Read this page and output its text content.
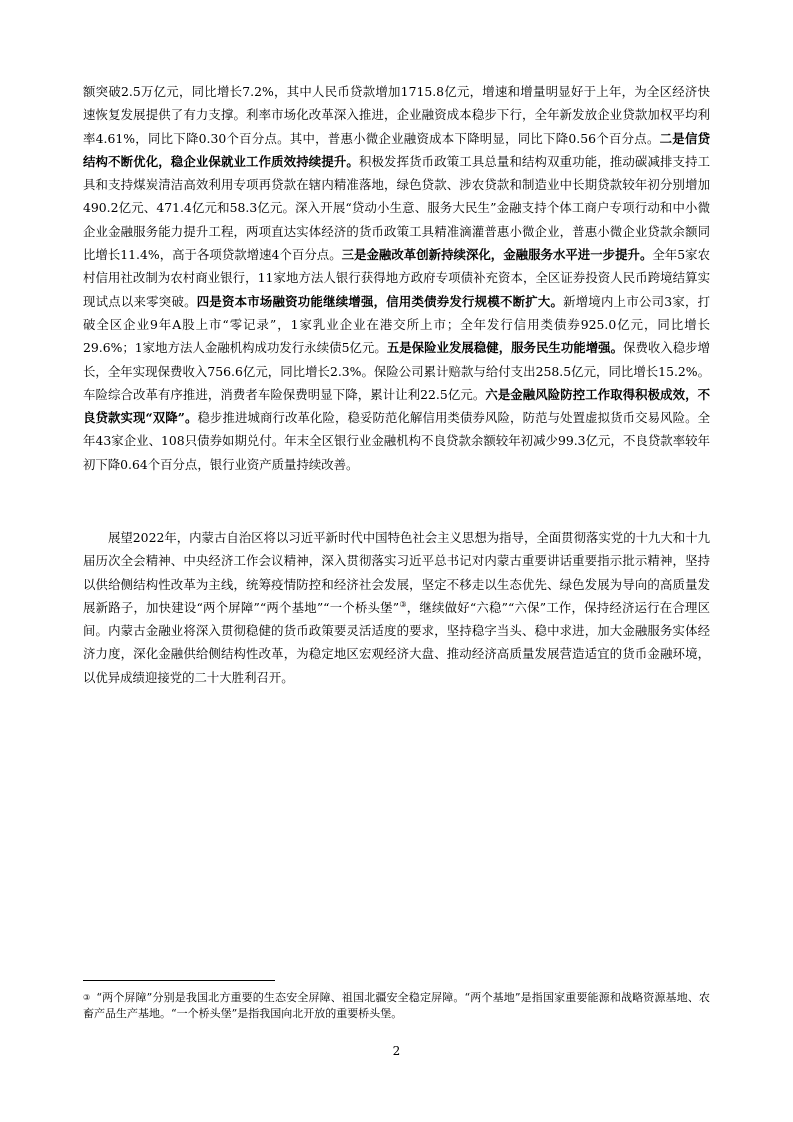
额突破2.5万亿元，同比增长7.2%，其中人民币贷款增加1715.8亿元，增速和增量明显好于上年，为全区经济快速恢复发展提供了有力支撑。利率市场化改革深入推进，企业融资成本稳步下行，全年新发放企业贷款加权平均利率4.61%，同比下降0.30个百分点。其中，普惠小微企业融资成本下降明显，同比下降0.56个百分点。二是信贷结构不断优化，稳企业保就业工作质效持续提升。积极发挥货币政策工具总量和结构双重功能，推动碳减排支持工具和支持煤炭清洁高效利用专项再贷款在辖内精准落地，绿色贷款、涉农贷款和制造业中长期贷款较年初分别增加490.2亿元、471.4亿元和58.3亿元。深入开展“贷动小生意、服务大民生”金融支持个体工商户专项行动和中小微企业金融服务能力提升工程，两项直达实体经济的货币政策工具精准滴灌普惠小微企业，普惠小微企业贷款余额同比增长11.4%，高于各项贷款增速4个百分点。三是金融改革创新持续深化，金融服务水平进一步提升。全年5家农村信用社改制为农村商业银行，11家地方法人银行获得地方政府专项债补充资本，全区证券投资人民币跨境结算实现试点以来零突破。四是资本市场融资功能继续增强，信用类债券发行规模不断扩大。新增境内上市公司3家，打破全区企业9年A股上市“零记录”，1家乳业企业在港交所上市；全年发行信用类债券925.0亿元，同比增长29.6%；1家地方法人金融机构成功发行永续债5亿元。五是保险业发展稳健，服务民生功能增强。保费收入稳步增长，全年实现保费收入756.6亿元，同比增长2.3%。保险公司累计赔款与给付支出258.5亿元，同比增长15.2%。车险综合改革有序推进，消费者车险保费明显下降，累计让利22.5亿元。六是金融风险防控工作取得积极成效，不良贷款实现“双降”。稳步推进城商行改革化险，稳妥防范化解信用类债券风险，防范与处置虚拟货币交易风险。全年43家企业、108只债券如期兑付。年末全区银行业金融机构不良贷款余额较年初减少99.3亿元，不良贷款率较年初下降0.64个百分点，银行业资产质量持续改善。
展望2022年，内蒙古自治区将以习近平新时代中国特色社会主义思想为指导，全面贯彻落实党的十九大和十九届历次全会精神、中央经济工作会议精神，深入贯彻落实习近平总书记对内蒙古重要讲话重要指示批示精神，坚持以供给侧结构性改革为主线，统筹疫情防控和经济社会发展，坚定不移走以生态优先、绿色发展为导向的高质量发展新路子，加快建设“两个屏障”“两个基地”“一个桥头堡”③，继续做好“六稳”“六保”工作，保持经济运行在合理区间。内蒙古金融业将深入贯彻稳健的货币政策要灵活适度的要求，坚持稳字当头、稳中求进，加大金融服务实体经济力度，深化金融供给侧结构性改革，为稳定地区宏观经济大盘、推动经济高质量发展营造适宜的货币金融环境，以优异成绩迎接党的二十大胜利召开。
③ “两个屏障”分别是我国北方重要的生态安全屏障、祖国北疆安全稳定屏障。“两个基地”是指国家重要能源和战略资源基地、农畜产品生产基地。“一个桥头堡”是指我国向北开放的重要桥头堡。
2
